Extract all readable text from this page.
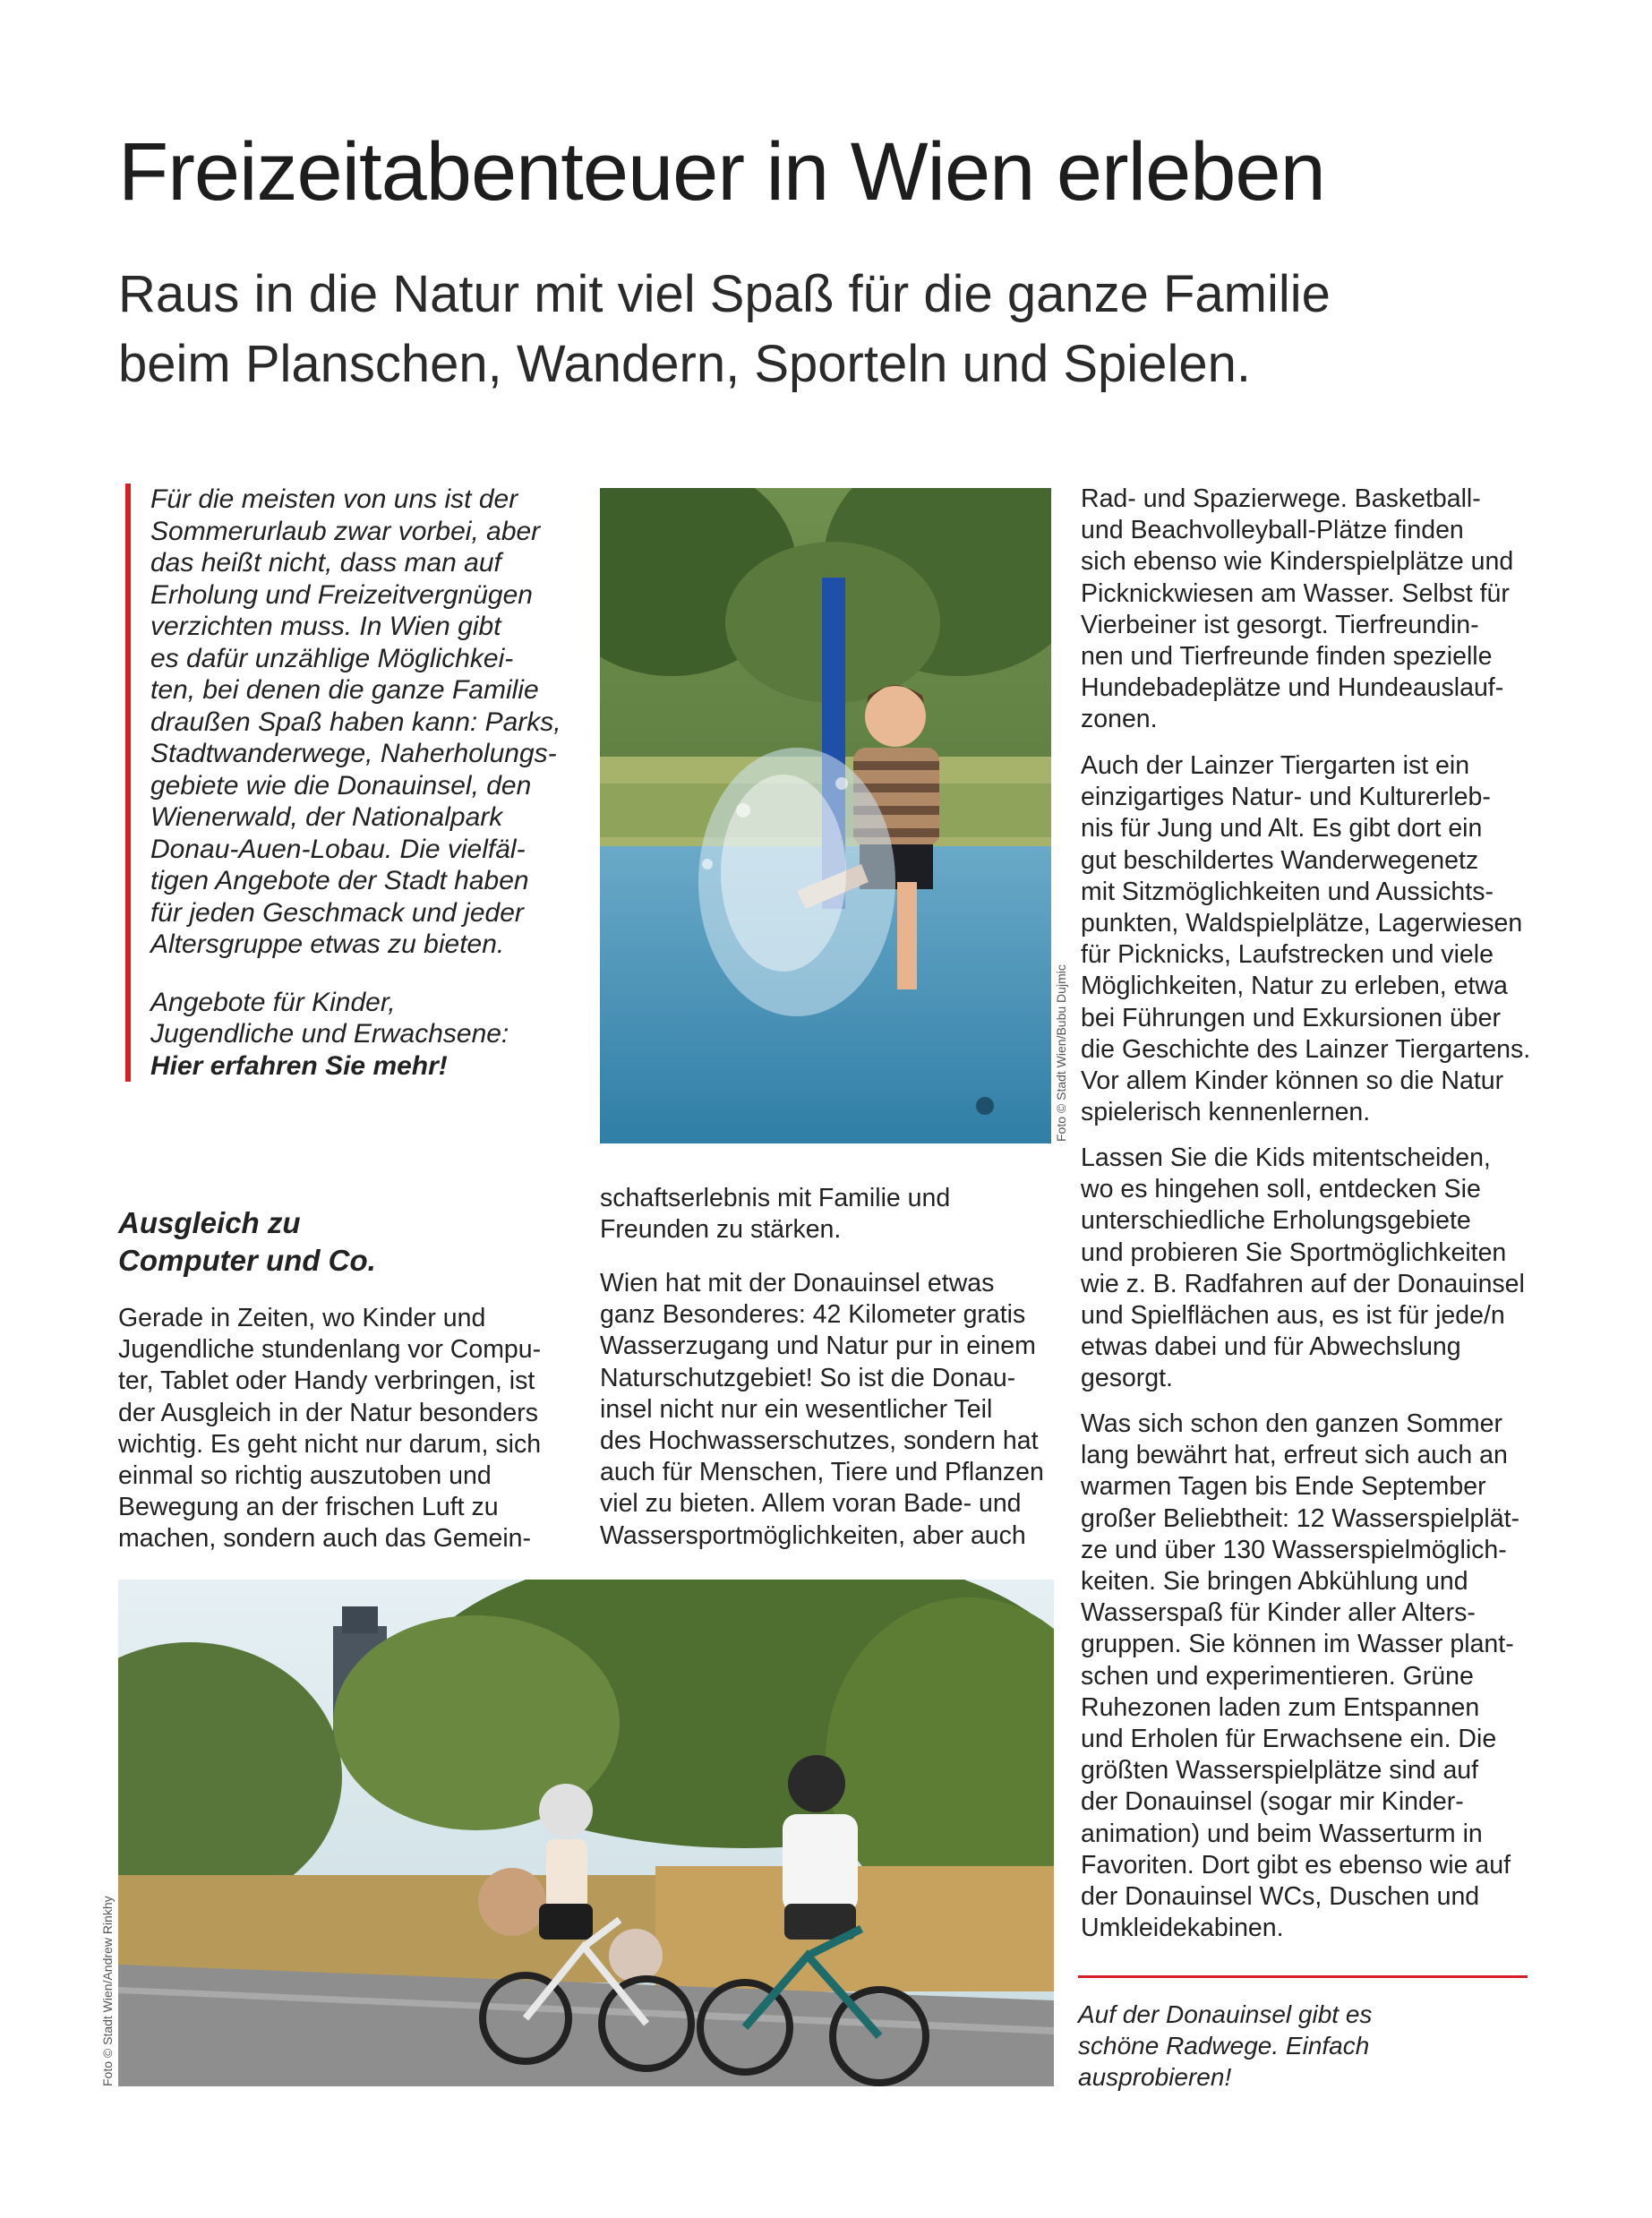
Freizeitabenteuer in Wien erleben
Raus in die Natur mit viel Spaß für die ganze Familie
beim Planschen, Wandern, Sporteln und Spielen.
Für die meisten von uns ist der
Sommerurlaub zwar vorbei, aber
das heißt nicht, dass man auf
Erholung und Freizeitvergnügen
verzichten muss. In Wien gibt
es dafür unzählige Möglichkei-
ten, bei denen die ganze Familie
draußen Spaß haben kann: Parks,
Stadtwanderwege, Naherholungs-
gebiete wie die Donauinsel, den
Wienerwald, der Nationalpark
Donau-Auen-Lobau. Die vielfäl-
tigen Angebote der Stadt haben
für jeden Geschmack und jeder
Altersgruppe etwas zu bieten.
Angebote für Kinder,
Jugendliche und Erwachsene:
Hier erfahren Sie mehr!	Foto © Stadt Wien/Bubu Dujmic
Ausgleich zu
Computer und Co.
Gerade in Zeiten, wo Kinder und
Jugendliche stundenlang vor Compu-
ter, Tablet oder Handy verbringen, ist
der Ausgleich in der Natur besonders
wichtig. Es geht nicht nur darum, sich
einmal so richtig auszutoben und
Bewegung an der frischen Luft zu
machen, sondern auch das Gemein-
schaftserlebnis mit Familie und
Freunden zu stärken.
Wien hat mit der Donauinsel etwas
ganz Besonderes: 42 Kilometer gratis
Wasserzugang und Natur pur in einem
Naturschutzgebiet! So ist die Donau-
insel nicht nur ein wesentlicher Teil
des Hochwasserschutzes, sondern hat
auch für Menschen, Tiere und Pflanzen
viel zu bieten. Allem voran Bade- und
Wassersportmöglichkeiten, aber auch
Rad- und Spazierwege. Basketball-
und Beachvolleyball-Plätze finden
sich ebenso wie Kinderspielplätze und
Picknickwiesen am Wasser. Selbst für
Vierbeiner ist gesorgt. Tierfreundin-
nen und Tierfreunde finden spezielle
Hundebadeplätze und Hundeauslauf-
zonen.
Auch der Lainzer Tiergarten ist ein
einzigartiges Natur- und Kulturerleb-
nis für Jung und Alt. Es gibt dort ein
gut beschildertes Wanderwegenetz
mit Sitzmöglichkeiten und Aussichts-
punkten, Waldspielplätze, Lagerwiesen
für Picknicks, Laufstrecken und viele
Möglichkeiten, Natur zu erleben, etwa
bei Führungen und Exkursionen über
die Geschichte des Lainzer Tiergartens.
Vor allem Kinder können so die Natur
spielerisch kennenlernen.
Lassen Sie die Kids mitentscheiden,
wo es hingehen soll, entdecken Sie
unterschiedliche Erholungsgebiete
und probieren Sie Sportmöglichkeiten
wie z. B. Radfahren auf der Donauinsel
und Spielflächen aus, es ist für jede/n
etwas dabei und für Abwechslung
gesorgt.
Was sich schon den ganzen Sommer
lang bewährt hat, erfreut sich auch an
warmen Tagen bis Ende September
großer Beliebtheit: 12 Wasserspielplät-
ze und über 130 Wasserspielmöglich-
keiten. Sie bringen Abkühlung und
Wasserspaß für Kinder aller Alters-
gruppen. Sie können im Wasser plant-
schen und experimentieren. Grüne
Ruhezonen laden zum Entspannen
und Erholen für Erwachsene ein. Die
größten Wasserspielplätze sind auf
der Donauinsel (sogar mir Kinder-
animation) und beim Wasserturm in
Favoriten. Dort gibt es ebenso wie auf
der Donauinsel WCs, Duschen und
Umkleidekabinen.
Foto © Stadt Wien/Andrew Rinkhy	Auf der Donauinsel gibt es
schöne Radwege. Einfach
ausprobieren!
